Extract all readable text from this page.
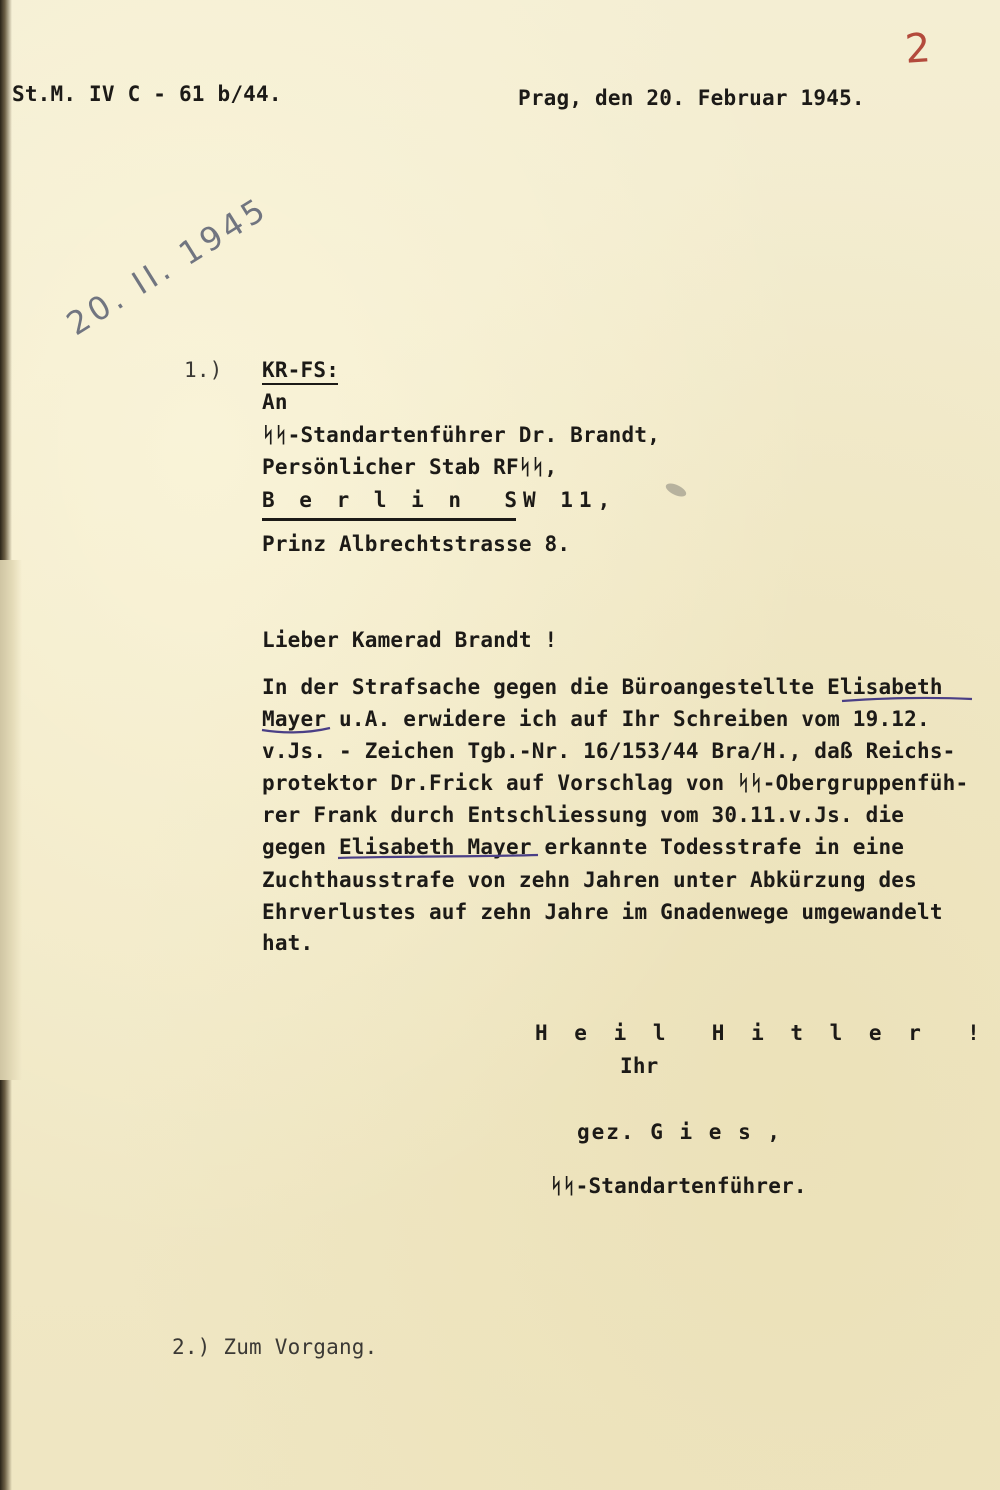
2
St.M. IV C - 61 b/44.	Prag, den 20. Februar 1945.
20. II. 1945
1.) KR-FS:
An
ᛋᛋ-Standartenführer Dr. Brandt,
Persönlicher Stab RFᛋᛋ,
B e r l i n  SW 11,
Prinz Albrechtstrasse 8.
Lieber Kamerad Brandt !
In der Strafsache gegen die Büroangestellte Elisabeth
Mayer u.A. erwidere ich auf Ihr Schreiben vom 19.12.
v.Js. - Zeichen Tgb.-Nr. 16/153/44 Bra/H., daß Reichs-
protektor Dr.Frick auf Vorschlag von ᛋᛋ-Obergruppenfüh-
rer Frank durch Entschliessung vom 30.11.v.Js. die
gegen Elisabeth Mayer erkannte Todesstrafe in eine
Zuchthausstrafe von zehn Jahren unter Abkürzung des
Ehrverlustes auf zehn Jahre im Gnadenwege umgewandelt
hat.
H e i l  H i t l e r  !
Ihr
gez. G i e s ,
ᛋᛋ-Standartenführer.
2.) Zum Vorgang.
